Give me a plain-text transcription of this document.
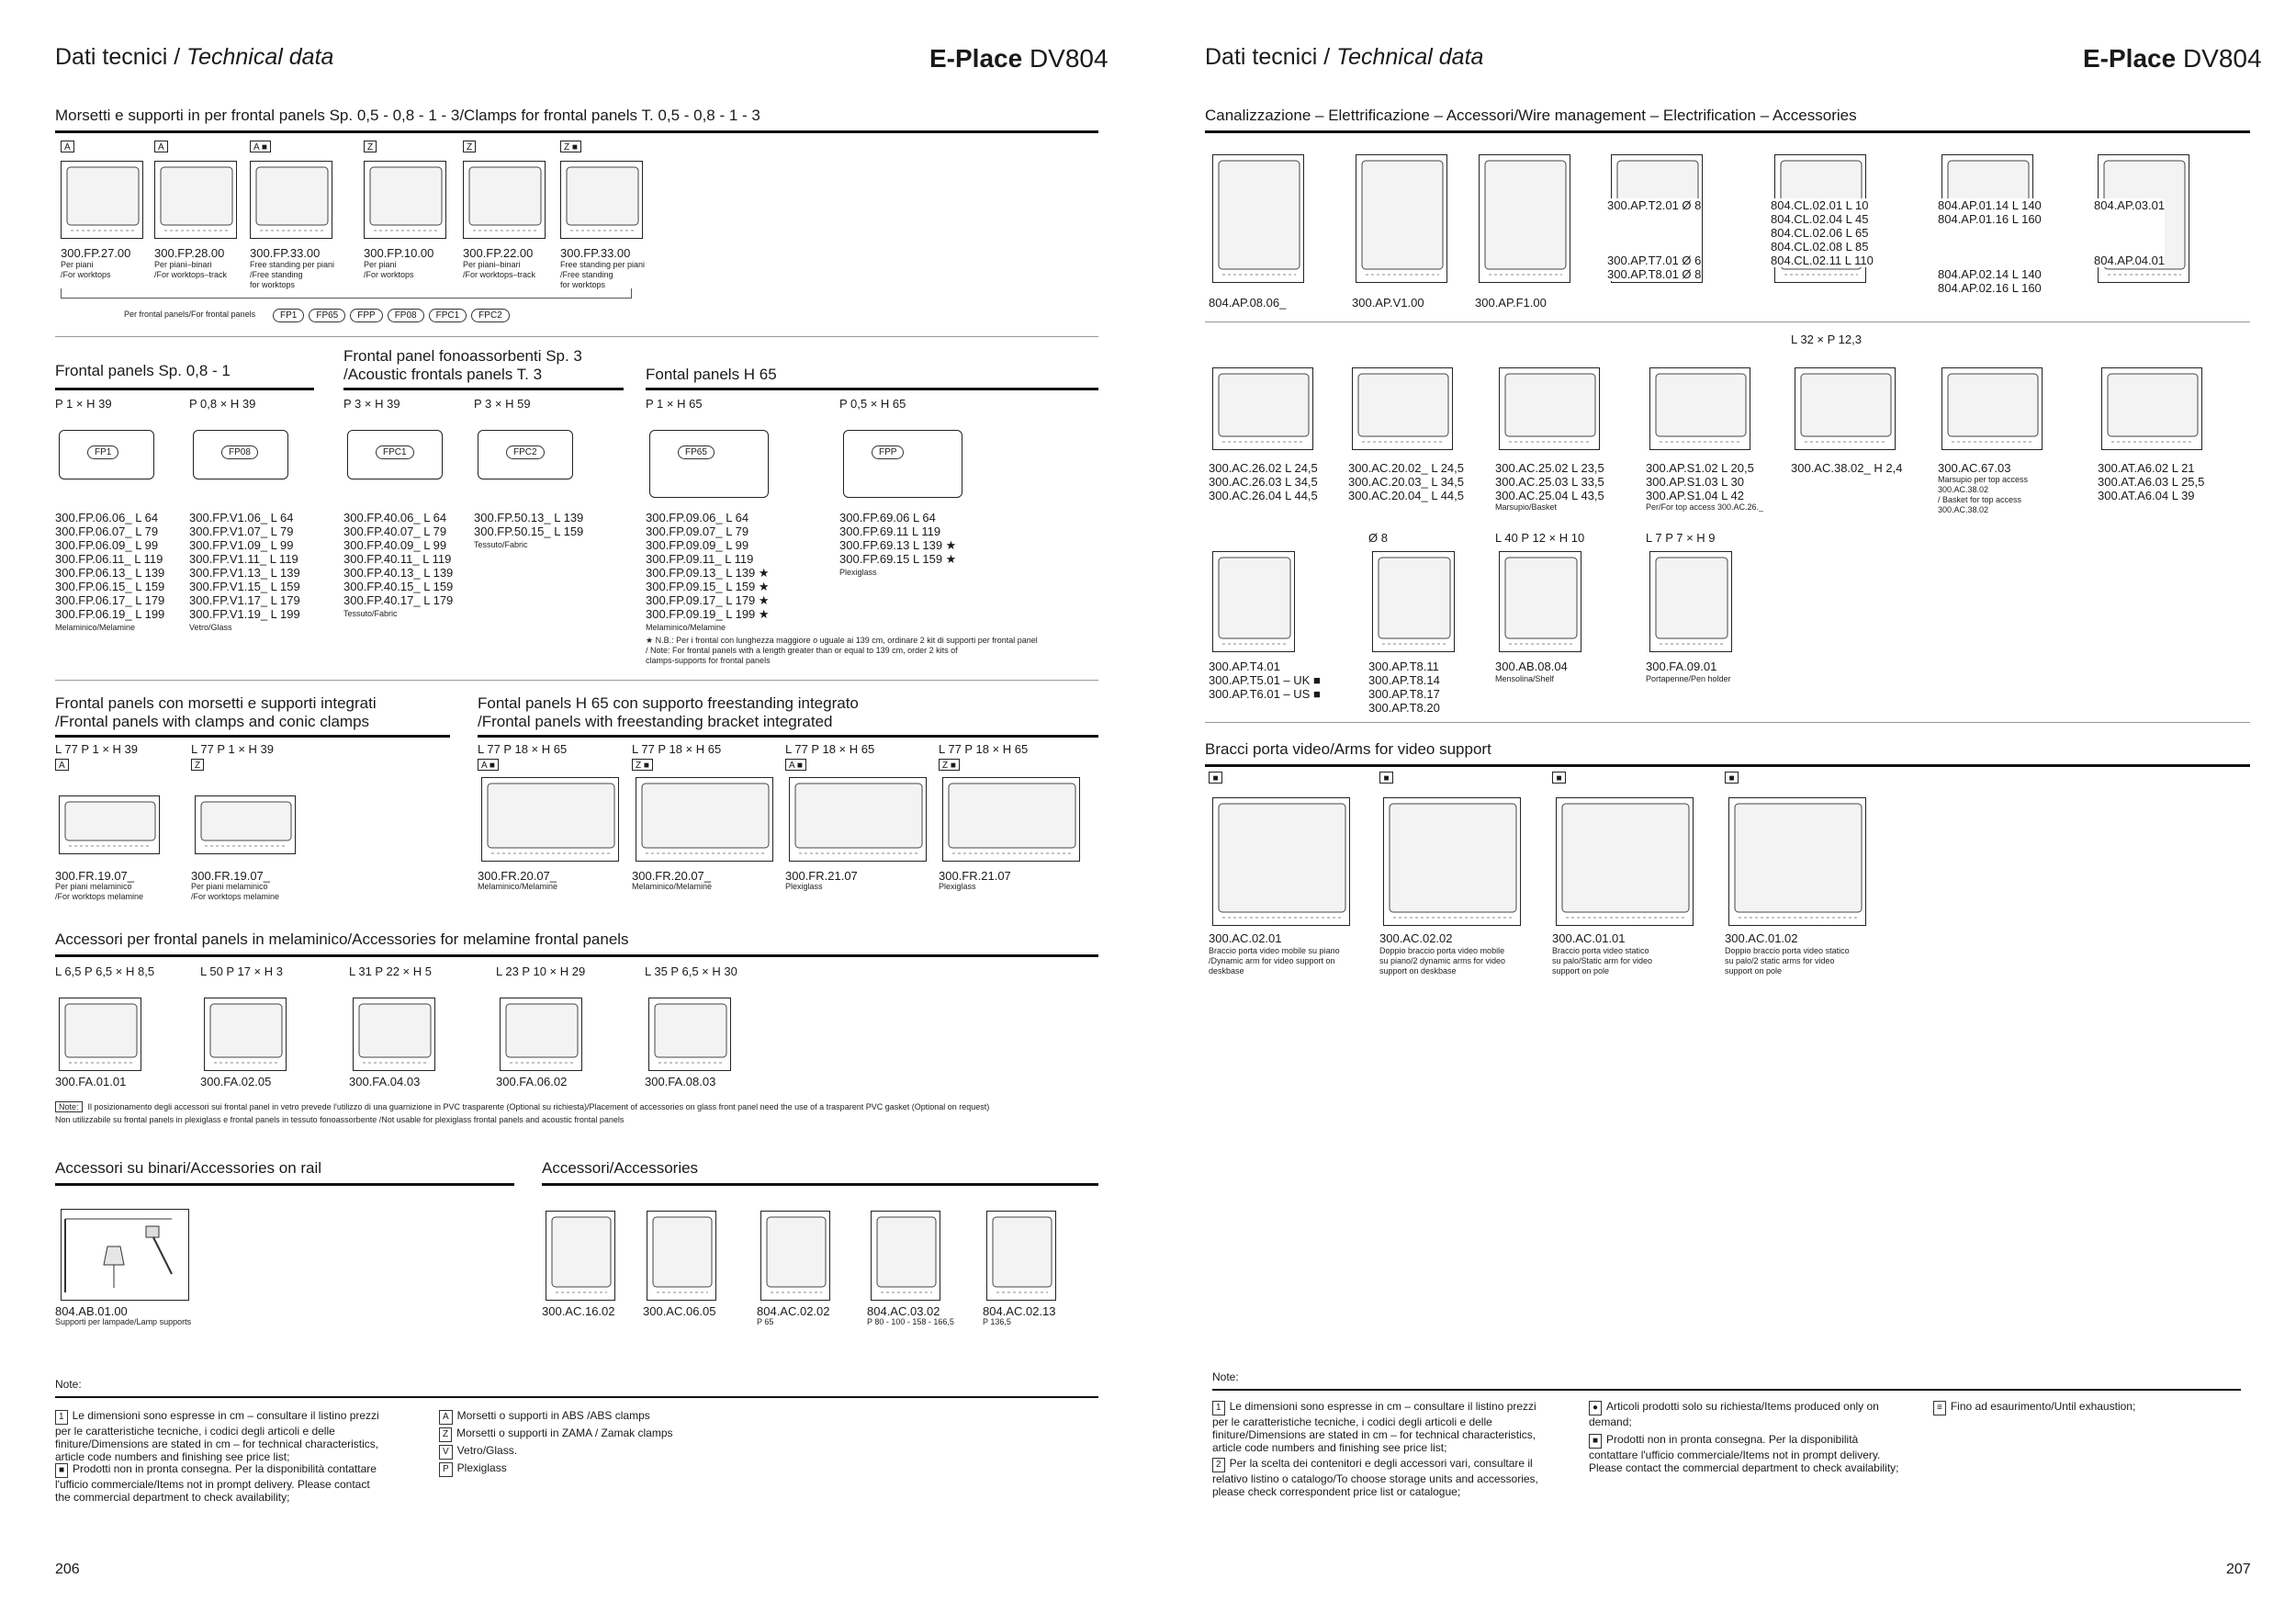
Dati tecnici / Technical data	E-Place DV804
Morsetti e supporti in per frontal panels Sp. 0,5 - 0,8 - 1 - 3/Clamps for frontal panels T. 0,5 - 0,8 - 1 - 3
A
300.FP.27.00
Per piani
/For worktops
A
300.FP.28.00
Per piani–binari
/For worktops–track
A ■
300.FP.33.00
Free standing per piani
/Free standing
for worktops
Z
300.FP.10.00
Per piani
/For worktops
Z
300.FP.22.00
Per piani–binari
/For worktops–track
Z ■
300.FP.33.00
Free standing per piani
/Free standing
for worktops
Per frontal panels/For frontal panels	FP1 FP65 FPP FP08 FPC1 FPC2
Frontal panels Sp. 0,8 - 1
Frontal panel fonoassorbenti Sp. 3
/Acoustic frontals panels T. 3	Fontal panels H 65
P 1 × H 39
FP1
300.FP.06.06_ L 64
300.FP.06.07_ L 79
300.FP.06.09_ L 99
300.FP.06.11_ L 119
300.FP.06.13_ L 139
300.FP.06.15_ L 159
300.FP.06.17_ L 179
300.FP.06.19_ L 199
Melaminico/Melamine
P 0,8 × H 39
FP08
300.FP.V1.06_ L 64
300.FP.V1.07_ L 79
300.FP.V1.09_ L 99
300.FP.V1.11_ L 119
300.FP.V1.13_ L 139
300.FP.V1.15_ L 159
300.FP.V1.17_ L 179
300.FP.V1.19_ L 199
Vetro/Glass
P 3 × H 39
FPC1
300.FP.40.06_ L 64
300.FP.40.07_ L 79
300.FP.40.09_ L 99
300.FP.40.11_ L 119
300.FP.40.13_ L 139
300.FP.40.15_ L 159
300.FP.40.17_ L 179
Tessuto/Fabric
P 3 × H 59
FPC2
300.FP.50.13_ L 139
300.FP.50.15_ L 159
Tessuto/Fabric
P 1 × H 65
FP65
300.FP.09.06_ L 64
300.FP.09.07_ L 79
300.FP.09.09_ L 99
300.FP.09.11_ L 119
300.FP.09.13_ L 139 ★
300.FP.09.15_ L 159 ★
300.FP.09.17_ L 179 ★
300.FP.09.19_ L 199 ★
Melaminico/Melamine
P 0,5 × H 65
FPP
300.FP.69.06 L 64
300.FP.69.11 L 119
300.FP.69.13 L 139 ★
300.FP.69.15 L 159 ★
Plexiglass
★ N.B.: Per i frontal con lunghezza maggiore o uguale ai 139 cm, ordinare 2 kit di supporti per frontal panel
/ Note: For frontal panels with a length greater than or equal to 139 cm, order 2 kits of
clamps-supports for frontal panels
Frontal panels con morsetti e supporti integrati
/Frontal panels with clamps and conic clamps
Fontal panels H 65 con supporto freestanding integrato
/Frontal panels with freestanding bracket integrated
L 77 P 1 × H 39
A
300.FR.19.07_
Per piani melaminico
/For worktops melamine
L 77 P 1 × H 39
Z
300.FR.19.07_
Per piani melaminico
/For worktops melamine
L 77 P 18 × H 65
A ■
300.FR.20.07_
Melaminico/Melamine
L 77 P 18 × H 65
Z ■
300.FR.20.07_
Melaminico/Melamine
L 77 P 18 × H 65
A ■
300.FR.21.07
Plexiglass
L 77 P 18 × H 65
Z ■
300.FR.21.07
Plexiglass
Accessori per frontal panels in melaminico/Accessories for melamine frontal panels
L 6,5 P 6,5 × H 8,5
300.FA.01.01
L 50 P 17 × H 3
300.FA.02.05
L 31 P 22 × H 5
300.FA.04.03
L 23 P 10 × H 29
300.FA.06.02
L 35 P 6,5 × H 30
300.FA.08.03
Note: Il posizionamento degli accessori sui frontal panel in vetro prevede l'utilizzo di una guarnizione in PVC trasparente (Optional su richiesta)/Placement of accessories on glass front panel need the use of a trasparent PVC gasket (Optional on request)
Non utilizzabile su frontal panels in plexiglass e frontal panels in tessuto fonoassorbente /Not usable for plexiglass frontal panels and acoustic frontal panels
Accessori su binari/Accessories on rail
804.AB.01.00
Supporti per lampade/Lamp supports
Accessori/Accessories
300.AC.16.02 300.AC.06.05	804.AC.02.02
P 65
804.AC.03.02
P 80 - 100 - 158 - 166,5
804.AC.02.13
P 136,5
Note:
1 Le dimensioni sono espresse in cm – consultare il listino prezzi per le caratteristiche tecniche, i codici degli articoli e delle finiture/Dimensions are stated in cm – for technical characteristics, article code numbers and finishing see price list;
■ Prodotti non in pronta consegna. Per la disponibilità contattare l'ufficio commerciale/Items not in prompt delivery. Please contact the commercial department to check availability;
A Morsetti o supporti in ABS /ABS clamps
Z Morsetti o supporti in ZAMA / Zamak clamps
V Vetro/Glass.
P Plexiglass
206
Dati tecnici / Technical data	E-Place DV804
Canalizzazione – Elettrificazione – Accessori/Wire management – Electrification – Accessories
804.AP.08.06_	300.AP.V1.00	300.AP.F1.00
300.AP.T2.01 Ø 8

300.AP.T7.01 Ø 6
300.AP.T8.01 Ø 8
804.CL.02.01 L 10
804.CL.02.04 L 45
804.CL.02.06 L 65
804.CL.02.08 L 85
804.CL.02.11 L 110
804.AP.01.14 L 140
804.AP.01.16 L 160

804.AP.02.14 L 140
804.AP.02.16 L 160
804.AP.03.01

804.AP.04.01
L 32 × P 12,3
300.AC.26.02 L 24,5
300.AC.26.03 L 34,5
300.AC.26.04 L 44,5
300.AC.20.02_ L 24,5
300.AC.20.03_ L 34,5
300.AC.20.04_ L 44,5
300.AC.25.02 L 23,5
300.AC.25.03 L 33,5
300.AC.25.04 L 43,5
Marsupio/Basket
300.AP.S1.02 L 20,5
300.AP.S1.03 L 30
300.AP.S1.04 L 42
Per/For top access 300.AC.26._
300.AC.38.02_ H 2,4	300.AC.67.03
Marsupio per top access
300.AC.38.02
/ Basket for top access
300.AC.38.02
300.AT.A6.02 L 21
300.AT.A6.03 L 25,5
300.AT.A6.04 L 39
300.AP.T4.01
300.AP.T5.01 – UK ■
300.AP.T6.01 – US ■
Ø 8
300.AP.T8.11
300.AP.T8.14
300.AP.T8.17
300.AP.T8.20
L 40 P 12 × H 10
300.AB.08.04
Mensolina/Shelf
L 7 P 7 × H 9
300.FA.09.01
Portapenne/Pen holder
Bracci porta video/Arms for video support
■
300.AC.02.01
Braccio porta video mobile su piano
/Dynamic arm for video support on
deskbase
■
300.AC.02.02
Doppio braccio porta video mobile
su piano/2 dynamic arms for video
support on deskbase
■
300.AC.01.01
Braccio porta video statico
su palo/Static arm for video
support on pole
■
300.AC.01.02
Doppio braccio porta video statico
su palo/2 static arms for video
support on pole
Note:
1 Le dimensioni sono espresse in cm – consultare il listino prezzi per le caratteristiche tecniche, i codici degli articoli e delle finiture/Dimensions are stated in cm – for technical characteristics, article code numbers and finishing see price list;
2 Per la scelta dei contenitori e degli accessori vari, consultare il relativo listino o catalogo/To choose storage units and accessories, please check correspondent price list or catalogue;
● Articoli prodotti solo su richiesta/Items produced only on demand;
■ Prodotti non in pronta consegna. Per la disponibilità contattare l'ufficio commerciale/Items not in prompt delivery. Please contact the commercial department to check availability;
≡ Fino ad esaurimento/Until exhaustion;
207
